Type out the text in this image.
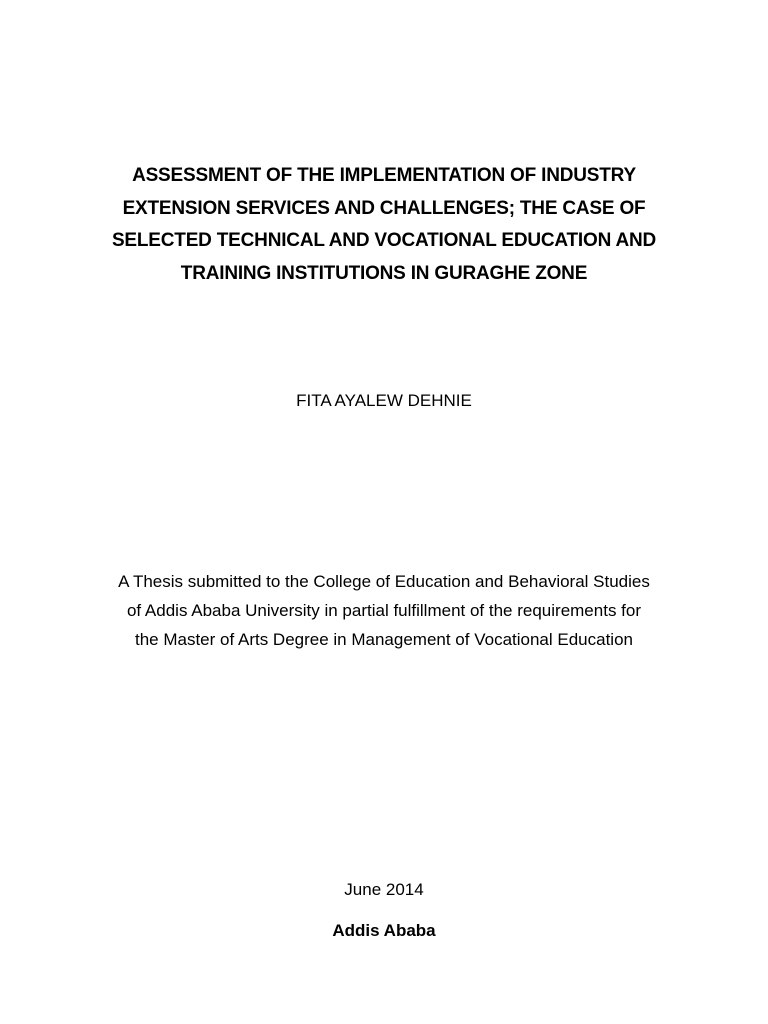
ASSESSMENT OF THE IMPLEMENTATION OF INDUSTRY
EXTENSION SERVICES AND CHALLENGES; THE CASE OF
SELECTED TECHNICAL AND VOCATIONAL EDUCATION AND
TRAINING INSTITUTIONS IN GURAGHE ZONE
FITA AYALEW DEHNIE
A Thesis submitted to the College of Education and Behavioral Studies
of Addis Ababa University in partial fulfillment of the requirements for
the Master of Arts Degree in Management of Vocational Education
June 2014
Addis Ababa
